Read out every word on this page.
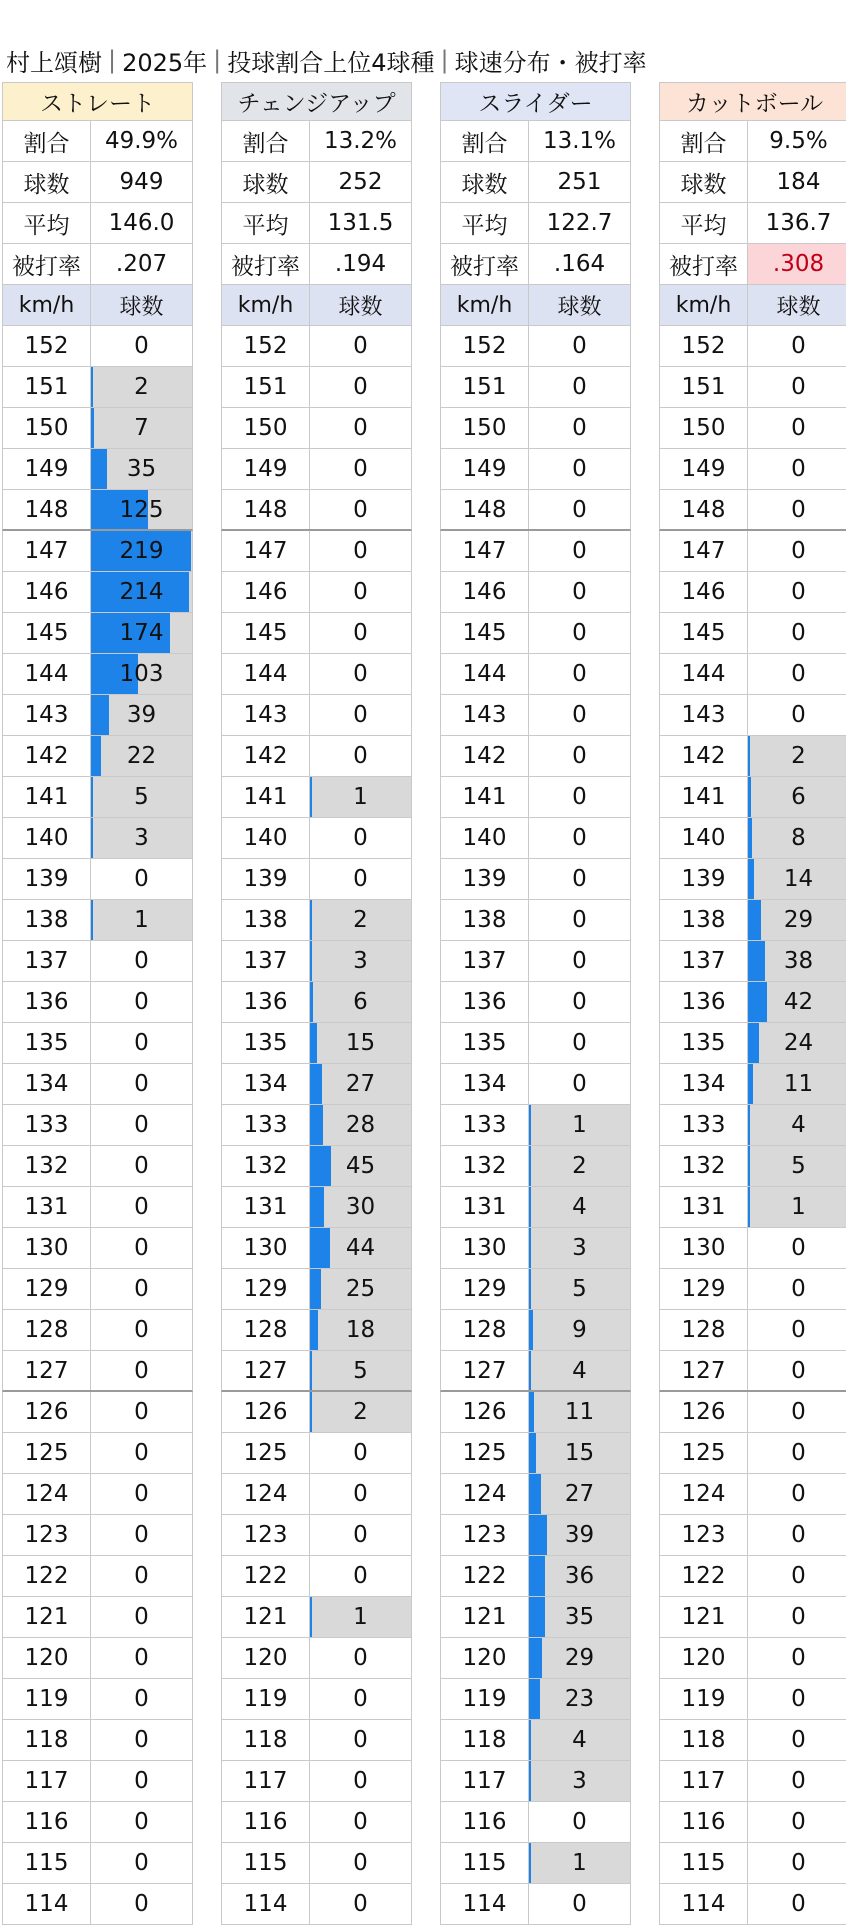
村上頌樹 | 2025年 | 投球割合上位4球種 | 球速分布・被打率
ストレート
割合	49.9%
球数	949
平均	146.0
被打率	.207
km/h	球数
152	0
151	2
150	7
149	35
148	125
147	219
146	214
145	174
144	103
143	39
142	22
141	5
140	3
139	0
138	1
137	0
136	0
135	0
134	0
133	0
132	0
131	0
130	0
129	0
128	0
127	0
126	0
125	0
124	0
123	0
122	0
121	0
120	0
119	0
118	0
117	0
116	0
115	0
114	0
チェンジアップ
割合	13.2%
球数	252
平均	131.5
被打率	.194
km/h	球数
152	0
151	0
150	0
149	0
148	0
147	0
146	0
145	0
144	0
143	0
142	0
141	1
140	0
139	0
138	2
137	3
136	6
135	15
134	27
133	28
132	45
131	30
130	44
129	25
128	18
127	5
126	2
125	0
124	0
123	0
122	0
121	1
120	0
119	0
118	0
117	0
116	0
115	0
114	0
スライダー
割合	13.1%
球数	251
平均	122.7
被打率	.164
km/h	球数
152	0
151	0
150	0
149	0
148	0
147	0
146	0
145	0
144	0
143	0
142	0
141	0
140	0
139	0
138	0
137	0
136	0
135	0
134	0
133	1
132	2
131	4
130	3
129	5
128	9
127	4
126	11
125	15
124	27
123	39
122	36
121	35
120	29
119	23
118	4
117	3
116	0
115	1
114	0
カットボール
割合	9.5%
球数	184
平均	136.7
被打率	.308
km/h	球数
152	0
151	0
150	0
149	0
148	0
147	0
146	0
145	0
144	0
143	0
142	2
141	6
140	8
139	14
138	29
137	38
136	42
135	24
134	11
133	4
132	5
131	1
130	0
129	0
128	0
127	0
126	0
125	0
124	0
123	0
122	0
121	0
120	0
119	0
118	0
117	0
116	0
115	0
114	0
